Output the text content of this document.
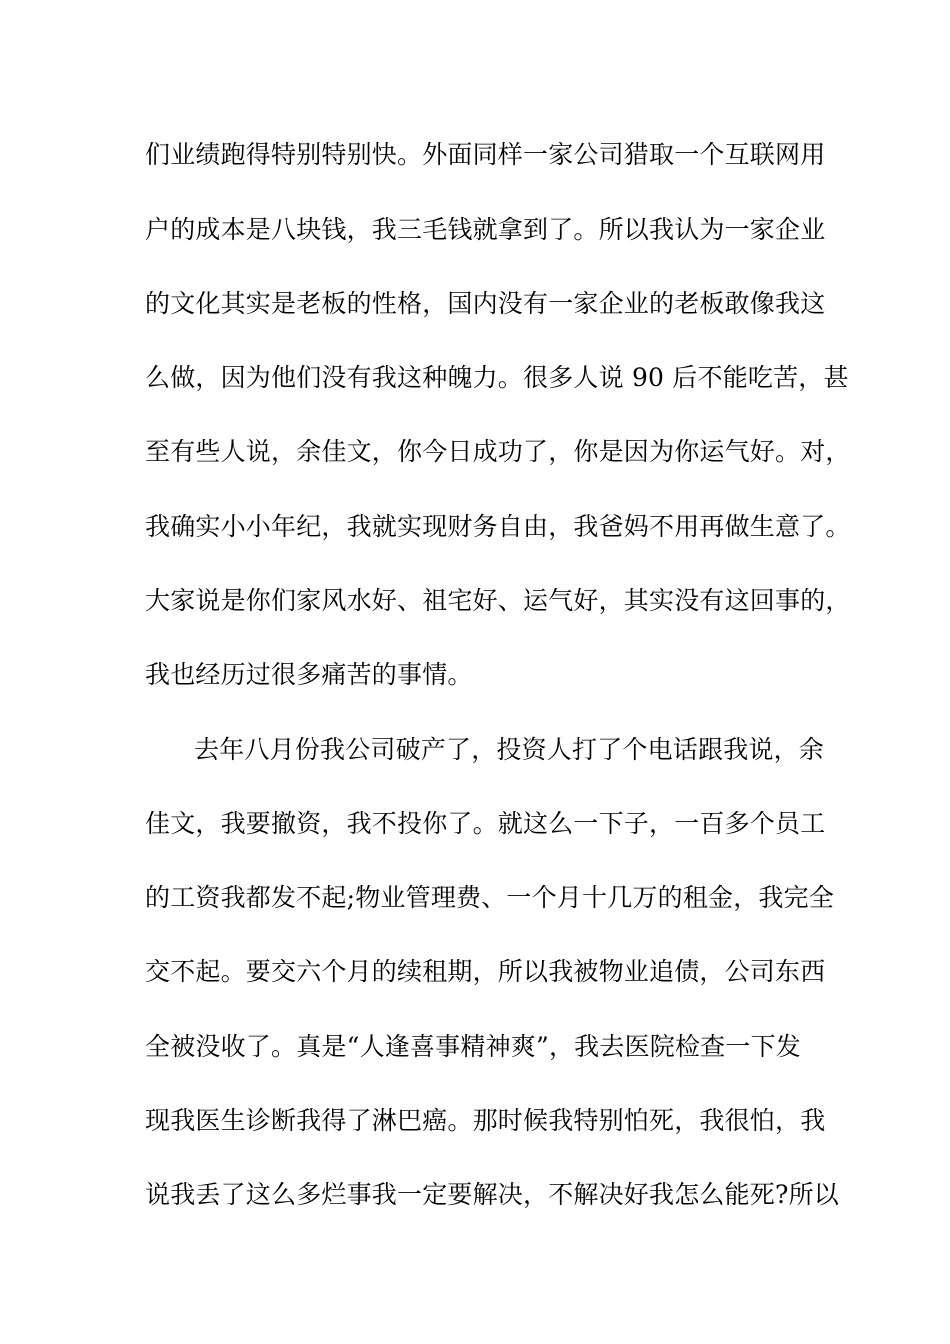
们业绩跑得特别特别快。外面同样一家公司猎取一个互联网用
户的成本是八块钱，我三毛钱就拿到了。所以我认为一家企业
的文化其实是老板的性格，国内没有一家企业的老板敢像我这
么做，因为他们没有我这种魄力。很多人说 90 后不能吃苦，甚
至有些人说，余佳文，你今日成功了，你是因为你运气好。对，
我确实小小年纪，我就实现财务自由，我爸妈不用再做生意了。
大家说是你们家风水好、祖宅好、运气好，其实没有这回事的，
我也经历过很多痛苦的事情。
去年八月份我公司破产了，投资人打了个电话跟我说，余
佳文，我要撤资，我不投你了。就这么一下子，一百多个员工
的工资我都发不起;物业管理费、一个月十几万的租金，我完全
交不起。要交六个月的续租期，所以我被物业追债，公司东西
全被没收了。真是“人逢喜事精神爽”，我去医院检查一下发
现我医生诊断我得了淋巴癌。那时候我特别怕死，我很怕，我
说我丢了这么多烂事我一定要解决，不解决好我怎么能死?所以
